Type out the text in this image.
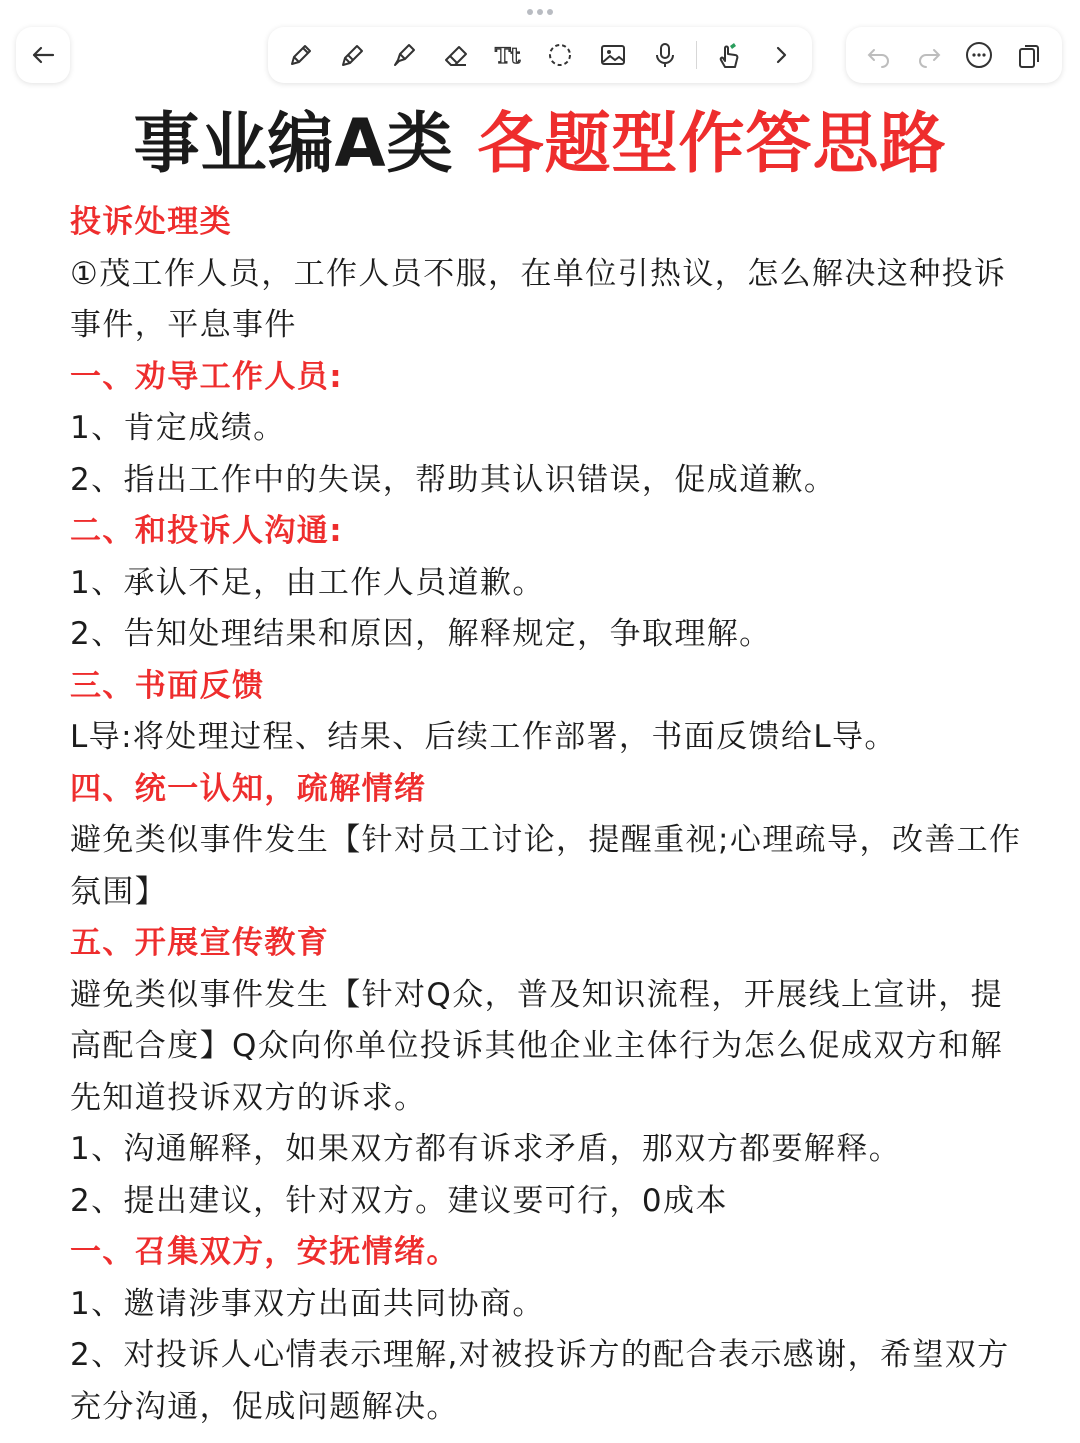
Tt
事业编A类 各题型作答思路

投诉处理类

①茂工作人员，工作人员不服，在单位引热议，怎么解决这种投诉事件，平息事件

一、劝导工作人员:

1、肯定成绩。

2、指出工作中的失误，帮助其认识错误，促成道歉。

二、和投诉人沟通:

1、承认不足，由工作人员道歉。

2、告知处理结果和原因，解释规定，争取理解。

三、书面反馈

L导:将处理过程、结果、后续工作部署，书面反馈给L导。

四、统一认知，疏解情绪

避免类似事件发生【针对员工讨论，提醒重视;心理疏导，改善工作氛围】

五、开展宣传教育

避免类似事件发生【针对Q众，普及知识流程，开展线上宣讲，提高配合度】Q众向你单位投诉其他企业主体行为怎么促成双方和解先知道投诉双方的诉求。

1、沟通解释，如果双方都有诉求矛盾，那双方都要解释。

2、提出建议，针对双方。建议要可行，0成本

一、召集双方，安抚情绪。

1、邀请涉事双方出面共同协商。

2、对投诉人心情表示理解,对被投诉方的配合表示感谢，希望双方充分沟通，促成问题解决。
